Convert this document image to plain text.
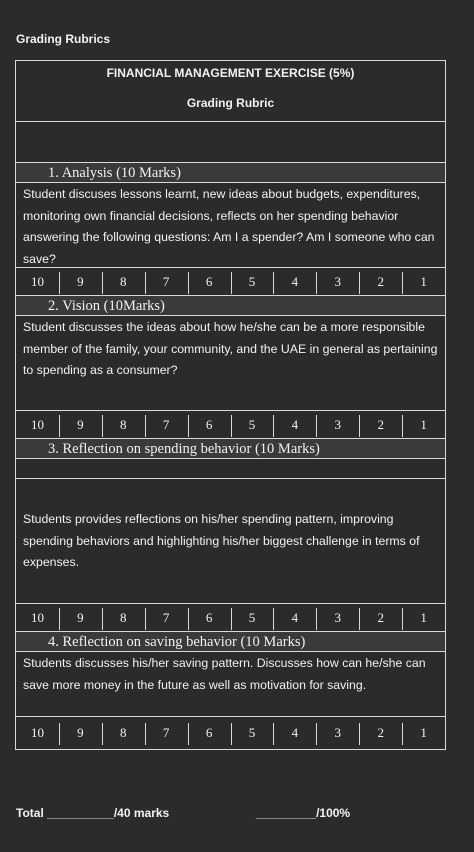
Grading Rubrics
FINANCIAL MANAGEMENT EXERCISE (5%)
Grading Rubric
1. Analysis (10 Marks)
Student discuses lessons learnt, new ideas about budgets, expenditures, monitoring own financial decisions, reflects on her spending behavior answering the following questions: Am I a spender? Am I someone who can save?
10	9	8	7	6	5	4	3	2	1
2. Vision (10Marks)
Student discusses the ideas about how he/she can be a more responsible member of the family, your community, and the UAE in general as pertaining to spending as a consumer?
10	9	8	7	6	5	4	3	2	1
3. Reflection on spending behavior (10 Marks)
Students provides reflections on his/her spending pattern, improving spending behaviors and highlighting his/her biggest challenge in terms of expenses.
10	9	8	7	6	5	4	3	2	1
4. Reflection on saving behavior (10 Marks)
Students discusses his/her saving pattern. Discusses how can he/she can save more money in the future as well as motivation for saving.
10	9	8	7	6	5	4	3	2	1
Total __________/40 marks	_________/100%
